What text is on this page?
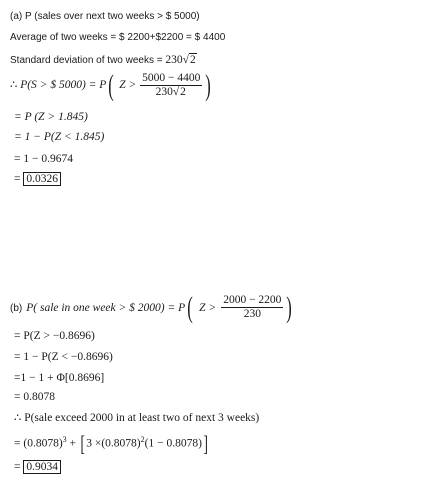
(a) P (sales over next two weeks > $ 5000)
Average of two weeks = $ 2200+$2200 = $ 4400
Standard deviation of two weeks = 230√2
∴ P(S > $ 5000) = P( $Z > \frac{5000 - 4400}{230√2}$ )
= P (Z > 1.845)
= 1 − P(Z < 1.845)
= 1 − 0.9674
= 0.0326
(b) P( sale in one week > $ 2000) = P( $Z > \frac{2000 - 2200}{230}$ )
= P(Z > −0.8696)
= 1 − P(Z < −0.8696)
=1 − 1 + Φ[0.8696]
= 0.8078
∴ P(sale exceed 2000 in at least two of next 3 weeks)
= $(0.8078)^3 + [3 \times(0.8078)^2(1 - 0.8078)]$
= 0.9034
